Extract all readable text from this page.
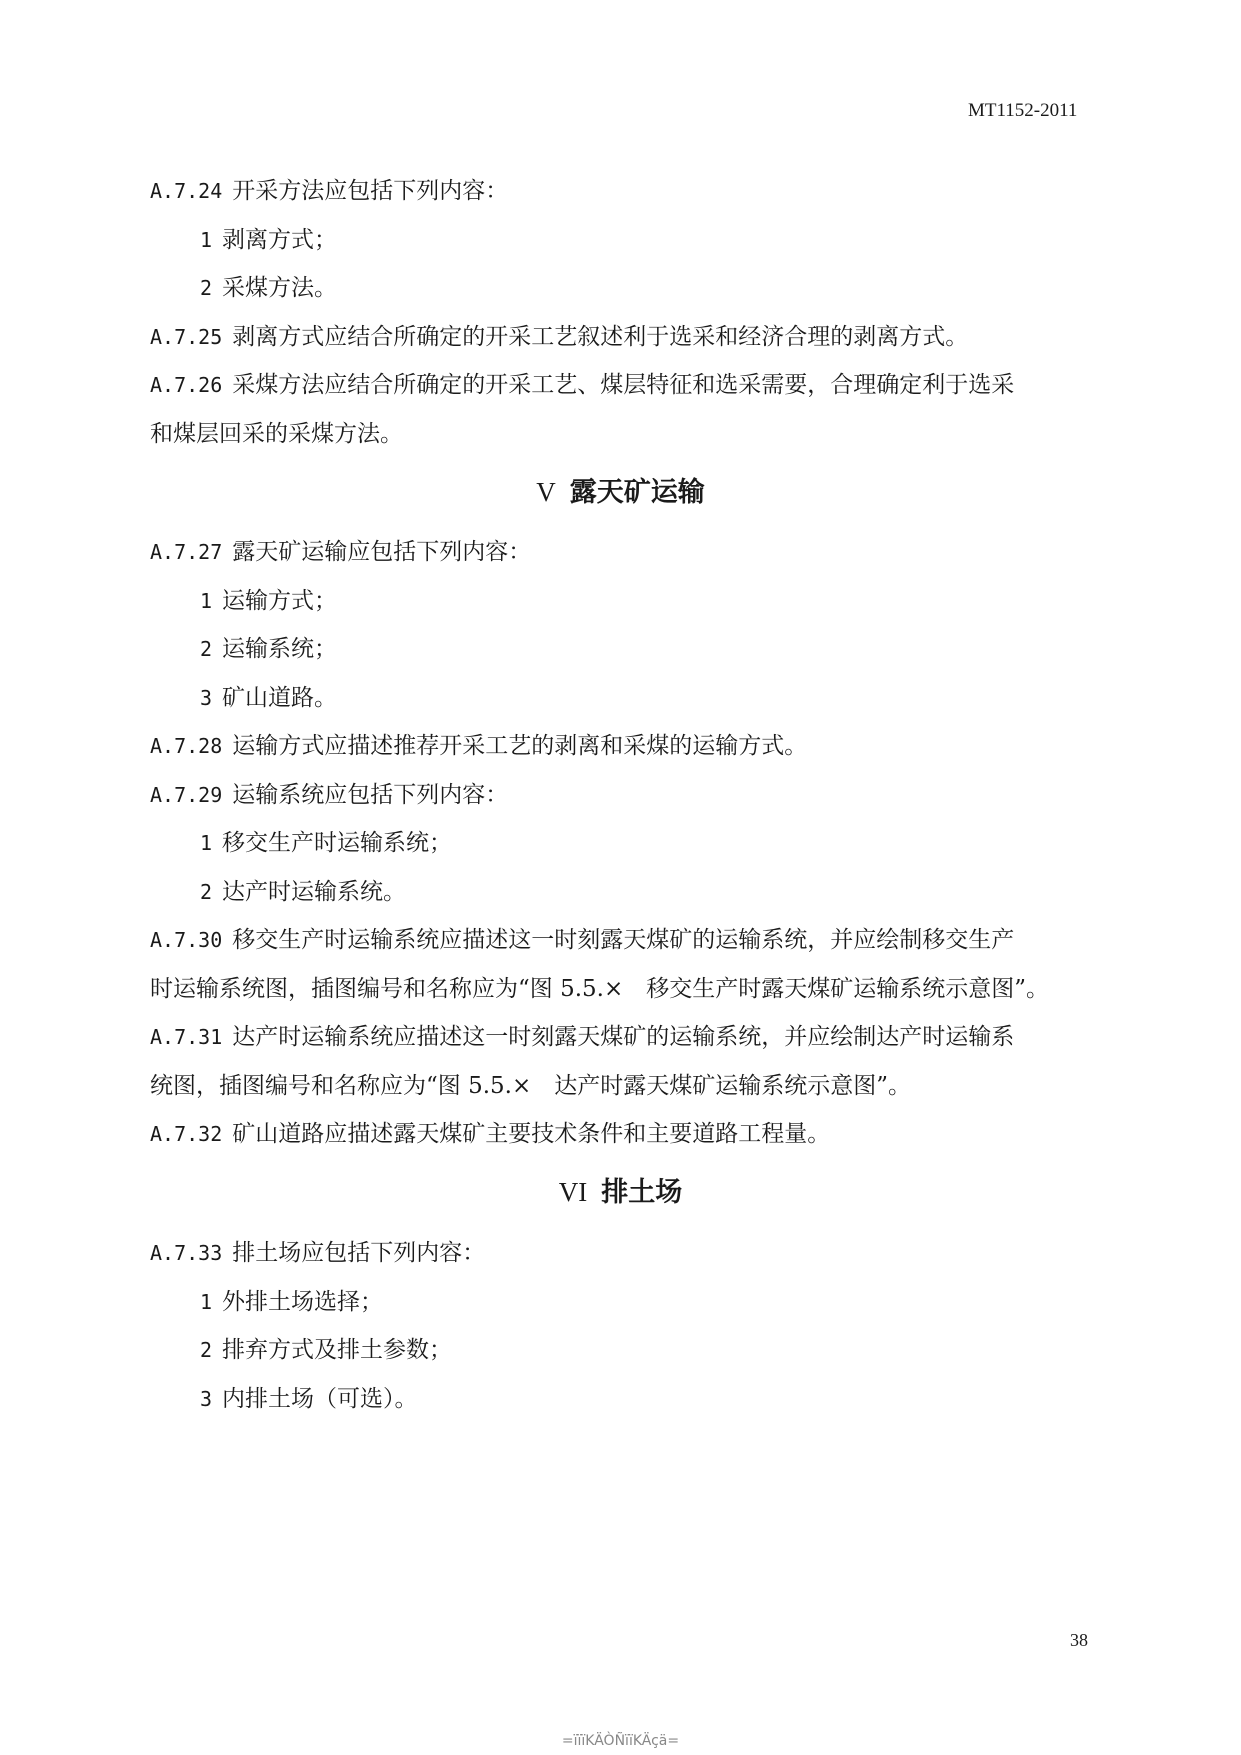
MT1152-2011
A.7.24 开采方法应包括下列内容：
1 剥离方式；
2 采煤方法。
A.7.25 剥离方式应结合所确定的开采工艺叙述利于选采和经济合理的剥离方式。
A.7.26 采煤方法应结合所确定的开采工艺、煤层特征和选采需要，合理确定利于选采
和煤层回采的采煤方法。
V 露天矿运输
A.7.27 露天矿运输应包括下列内容：
1 运输方式；
2 运输系统；
3 矿山道路。
A.7.28 运输方式应描述推荐开采工艺的剥离和采煤的运输方式。
A.7.29 运输系统应包括下列内容：
1 移交生产时运输系统；
2 达产时运输系统。
A.7.30 移交生产时运输系统应描述这一时刻露天煤矿的运输系统，并应绘制移交生产
时运输系统图，插图编号和名称应为“图 5.5.×　移交生产时露天煤矿运输系统示意图”。
A.7.31 达产时运输系统应描述这一时刻露天煤矿的运输系统，并应绘制达产时运输系
统图，插图编号和名称应为“图 5.5.×　达产时露天煤矿运输系统示意图”。
A.7.32 矿山道路应描述露天煤矿主要技术条件和主要道路工程量。
VI 排土场
A.7.33 排土场应包括下列内容：
1 外排土场选择；
2 排弃方式及排土参数；
3 内排土场（可选）。
38
=ïïïKÄÒÑïïKÄçä=
